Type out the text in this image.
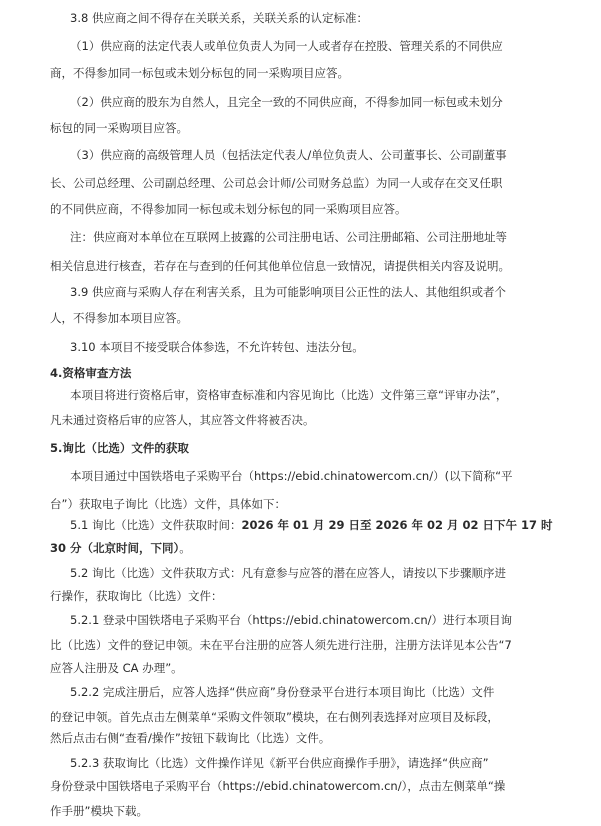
3.8 供应商之间不得存在关联关系，关联关系的认定标准：
（1）供应商的法定代表人或单位负责人为同一人或者存在控股、管理关系的不同供应
商，不得参加同一标包或未划分标包的同一采购项目应答。
（2）供应商的股东为自然人，且完全一致的不同供应商，不得参加同一标包或未划分
标包的同一采购项目应答。
（3）供应商的高级管理人员（包括法定代表人/单位负责人、公司董事长、公司副董事
长、公司总经理、公司副总经理、公司总会计师/公司财务总监）为同一人或存在交叉任职
的不同供应商，不得参加同一标包或未划分标包的同一采购项目应答。
注：供应商对本单位在互联网上披露的公司注册电话、公司注册邮箱、公司注册地址等
相关信息进行核查，若存在与查到的任何其他单位信息一致情况，请提供相关内容及说明。
3.9 供应商与采购人存在利害关系，且为可能影响项目公正性的法人、其他组织或者个
人，不得参加本项目应答。
3.10 本项目不接受联合体参选，不允许转包、违法分包。
4.资格审查方法
本项目将进行资格后审，资格审查标准和内容见询比（比选）文件第三章“评审办法”，
凡未通过资格后审的应答人，其应答文件将被否决。
5.询比（比选）文件的获取
本项目通过中国铁塔电子采购平台（https://ebid.chinatowercom.cn/）(以下简称“平
台”）获取电子询比（比选）文件，具体如下：
5.1 询比（比选）文件获取时间：2026 年 01 月 29 日至 2026 年 02 月 02 日下午 17 时
30 分（北京时间，下同）。
5.2 询比（比选）文件获取方式：凡有意参与应答的潜在应答人，请按以下步骤顺序进
行操作，获取询比（比选）文件：
5.2.1 登录中国铁塔电子采购平台（https://ebid.chinatowercom.cn/）进行本项目询
比（比选）文件的登记申领。未在平台注册的应答人须先进行注册，注册方法详见本公告“7
应答人注册及 CA 办理”。
5.2.2 完成注册后，应答人选择“供应商”身份登录平台进行本项目询比（比选）文件
的登记申领。首先点击左侧菜单“采购文件领取”模块，在右侧列表选择对应项目及标段，
然后点击右侧“查看/操作”按钮下载询比（比选）文件。
5.2.3 获取询比（比选）文件操作详见《新平台供应商操作手册》，请选择“供应商”
身份登录中国铁塔电子采购平台（https://ebid.chinatowercom.cn/），点击左侧菜单“操
作手册”模块下载。
